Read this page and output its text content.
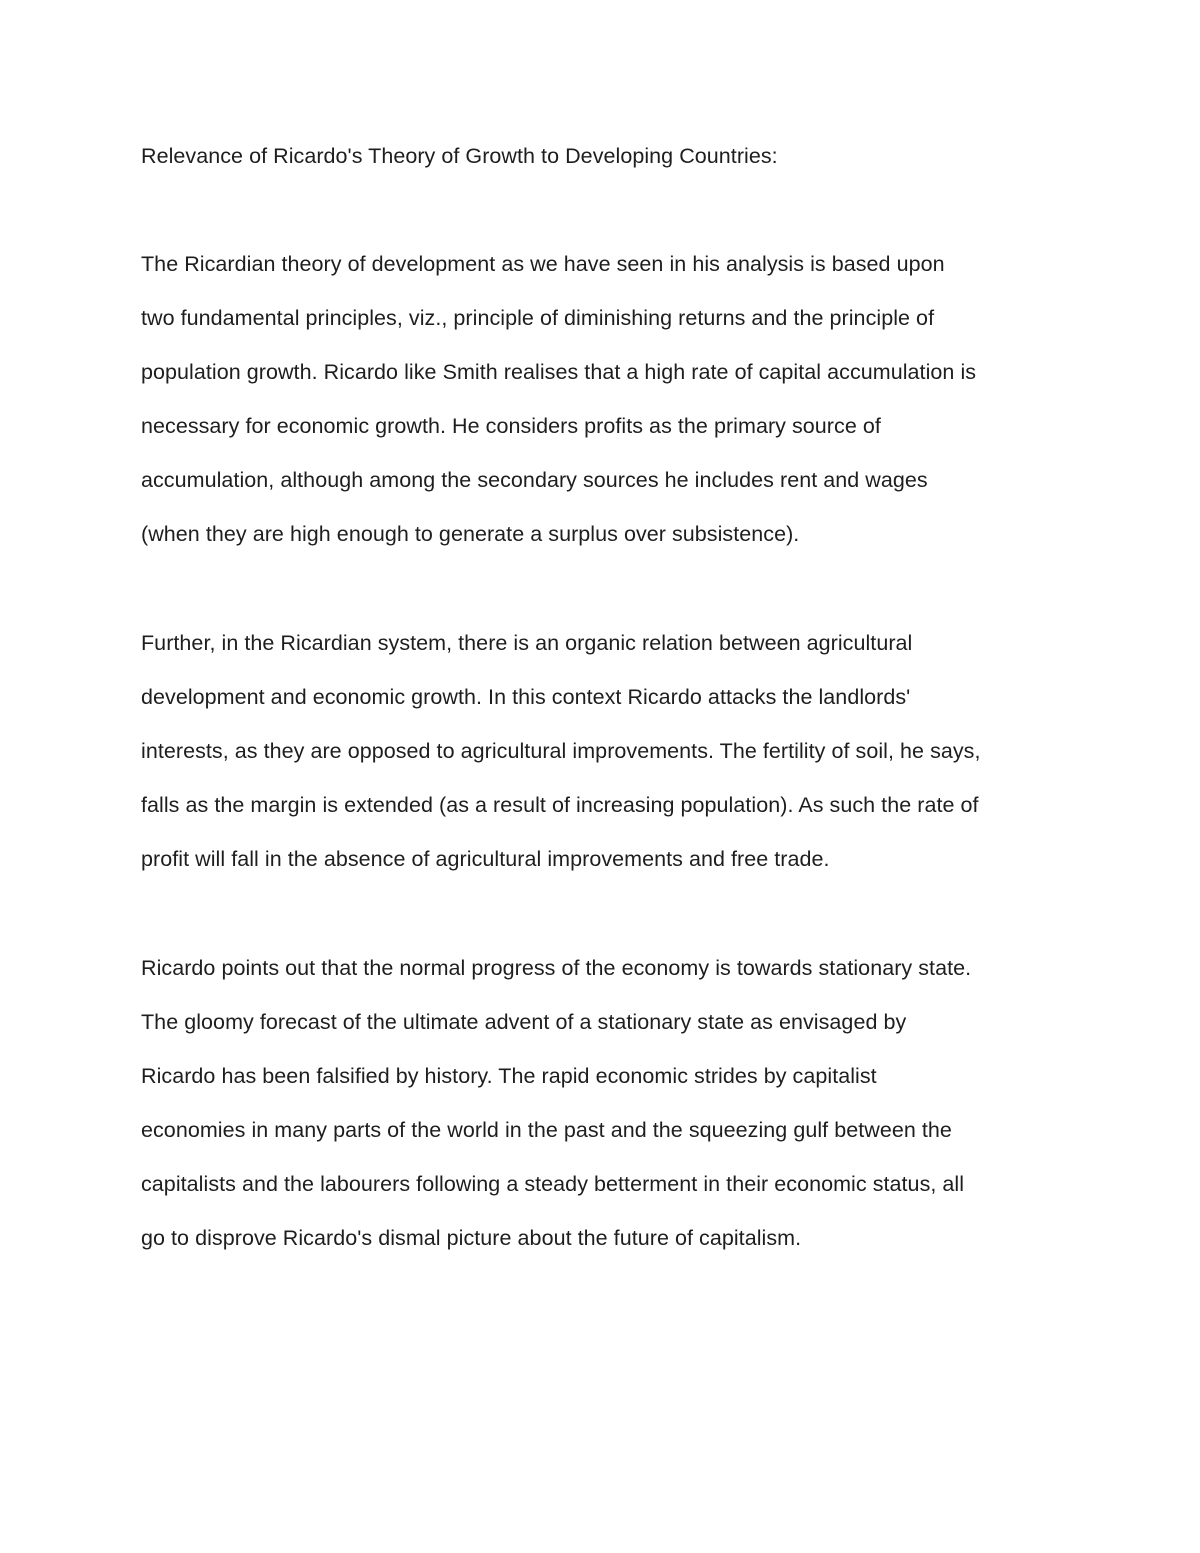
Relevance of Ricardo's Theory of Growth to Developing Countries:
The Ricardian theory of development as we have seen in his analysis is based upon
two fundamental principles, viz., principle of diminishing returns and the principle of
population growth. Ricardo like Smith realises that a high rate of capital accumulation is
necessary for economic growth. He considers profits as the primary source of
accumulation, although among the secondary sources he includes rent and wages
(when they are high enough to generate a surplus over subsistence).
Further, in the Ricardian system, there is an organic relation between agricultural
development and economic growth. In this context Ricardo attacks the landlords'
interests, as they are opposed to agricultural improvements. The fertility of soil, he says,
falls as the margin is extended (as a result of increasing population). As such the rate of
profit will fall in the absence of agricultural improvements and free trade.
Ricardo points out that the normal progress of the economy is towards stationary state.
The gloomy forecast of the ultimate advent of a stationary state as envisaged by
Ricardo has been falsified by history. The rapid economic strides by capitalist
economies in many parts of the world in the past and the squeezing gulf between the
capitalists and the labourers following a steady betterment in their economic status, all
go to disprove Ricardo's dismal picture about the future of capitalism.
